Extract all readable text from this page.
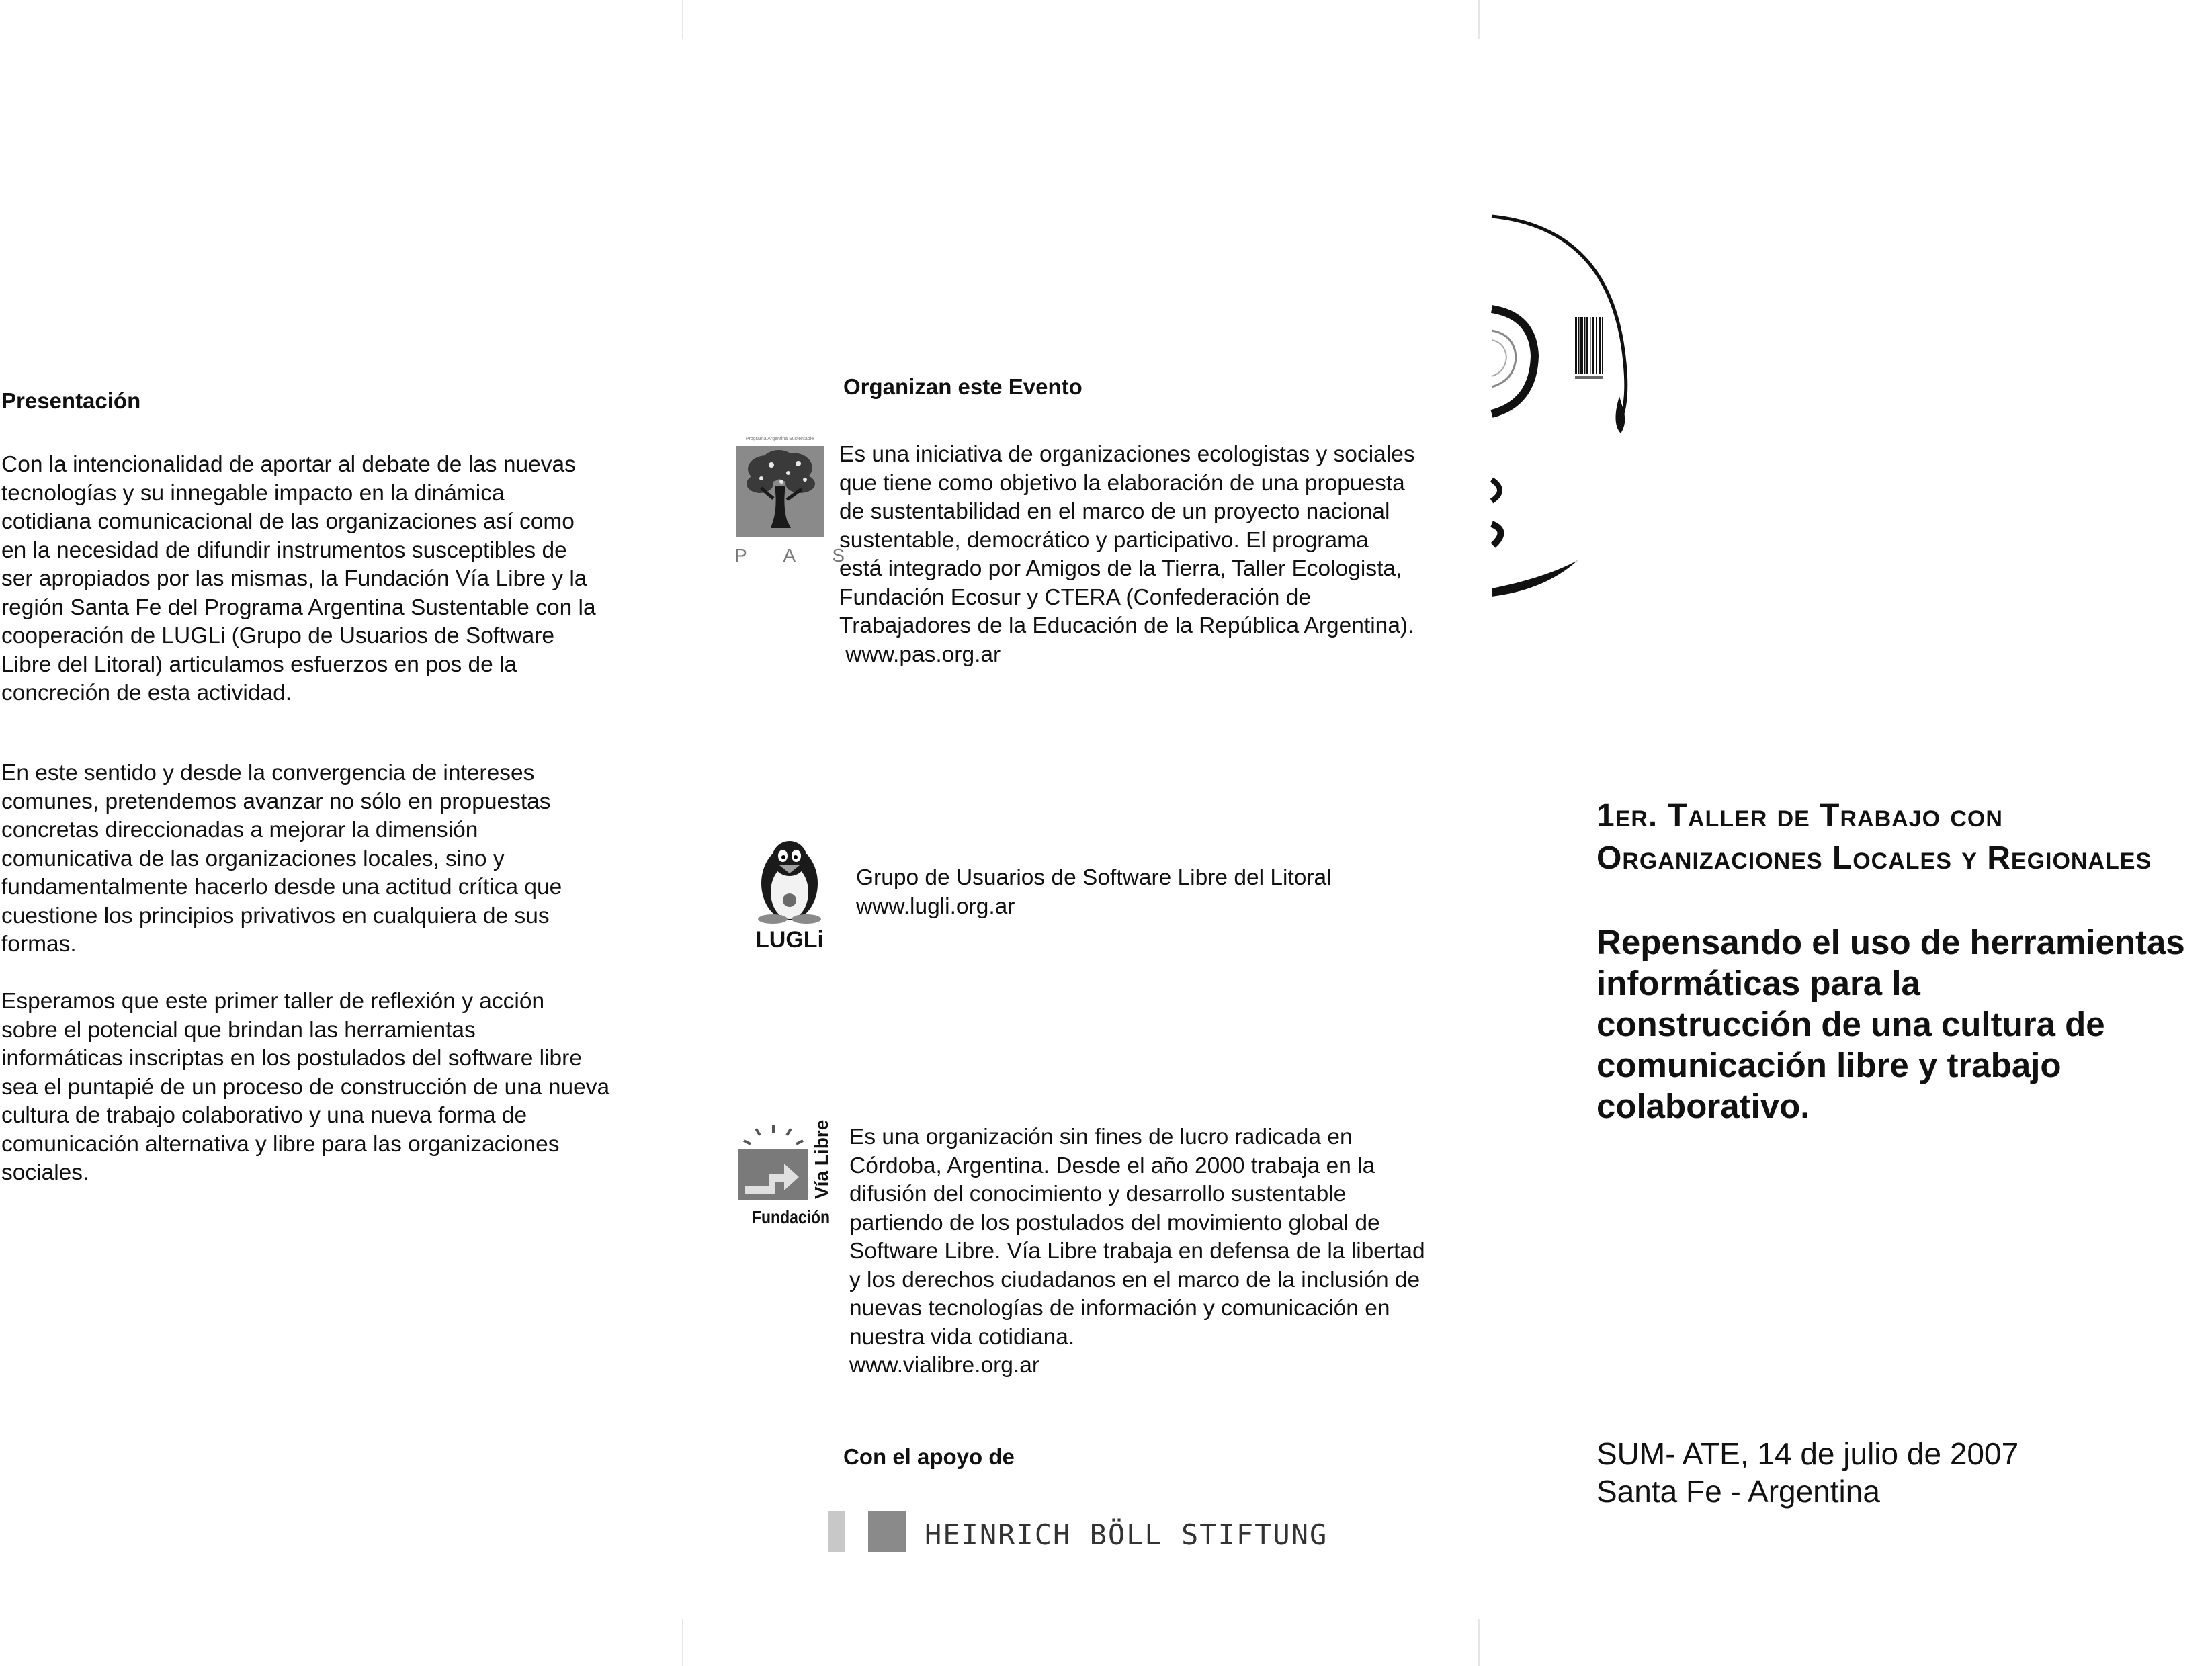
Presentación
Con la intencionalidad de aportar al debate de las nuevas
tecnologías y su innegable impacto en la dinámica
cotidiana comunicacional de las organizaciones así como
en la necesidad de difundir instrumentos susceptibles de
ser apropiados por las mismas, la Fundación Vía Libre y la
región Santa Fe del Programa Argentina Sustentable con la
cooperación de LUGLi (Grupo de Usuarios de Software
Libre del Litoral) articulamos esfuerzos en pos de la
concreción de esta actividad.
En este sentido y desde la convergencia de intereses
comunes, pretendemos avanzar no sólo en propuestas
concretas direccionadas a mejorar la dimensión
comunicativa de las organizaciones locales, sino y
fundamentalmente hacerlo desde una actitud crítica que
cuestione los principios privativos en cualquiera de sus
formas.
Esperamos que este primer taller de reflexión y acción
sobre el potencial que brindan las herramientas
informáticas inscriptas en los postulados del software libre
sea el puntapié de un proceso de construcción de una nueva
cultura de trabajo colaborativo y una nueva forma de
comunicación alternativa y libre para las organizaciones
sociales.
Organizan este Evento
Programa Argentina Sustentable
P A S
Es una iniciativa de organizaciones ecologistas y sociales
que tiene como objetivo la elaboración de una propuesta
de sustentabilidad en el marco de un proyecto nacional
sustentable, democrático y participativo. El programa
está integrado por Amigos de la Tierra, Taller Ecologista,
Fundación Ecosur y CTERA (Confederación de
Trabajadores de la Educación de la República Argentina).
www.pas.org.ar
LUGLi
Grupo de Usuarios de Software Libre del Litoral
www.lugli.org.ar
Vía Libre
Fundación
Es una organización sin fines de lucro radicada en
Córdoba, Argentina. Desde el año 2000 trabaja en la
difusión del conocimiento y desarrollo sustentable
partiendo de los postulados del movimiento global de
Software Libre. Vía Libre trabaja en defensa de la libertad
y los derechos ciudadanos en el marco de la inclusión de
nuevas tecnologías de información y comunicación en
nuestra vida cotidiana.
www.vialibre.org.ar
Con el apoyo de
HEINRICH BÖLL STIFTUNG
1er. Taller de Trabajo con
Organizaciones Locales y Regionales
Repensando el uso de herramientas
informáticas para la
construcción de una cultura de
comunicación libre y trabajo
colaborativo.
SUM- ATE, 14 de julio de 2007
Santa Fe - Argentina
